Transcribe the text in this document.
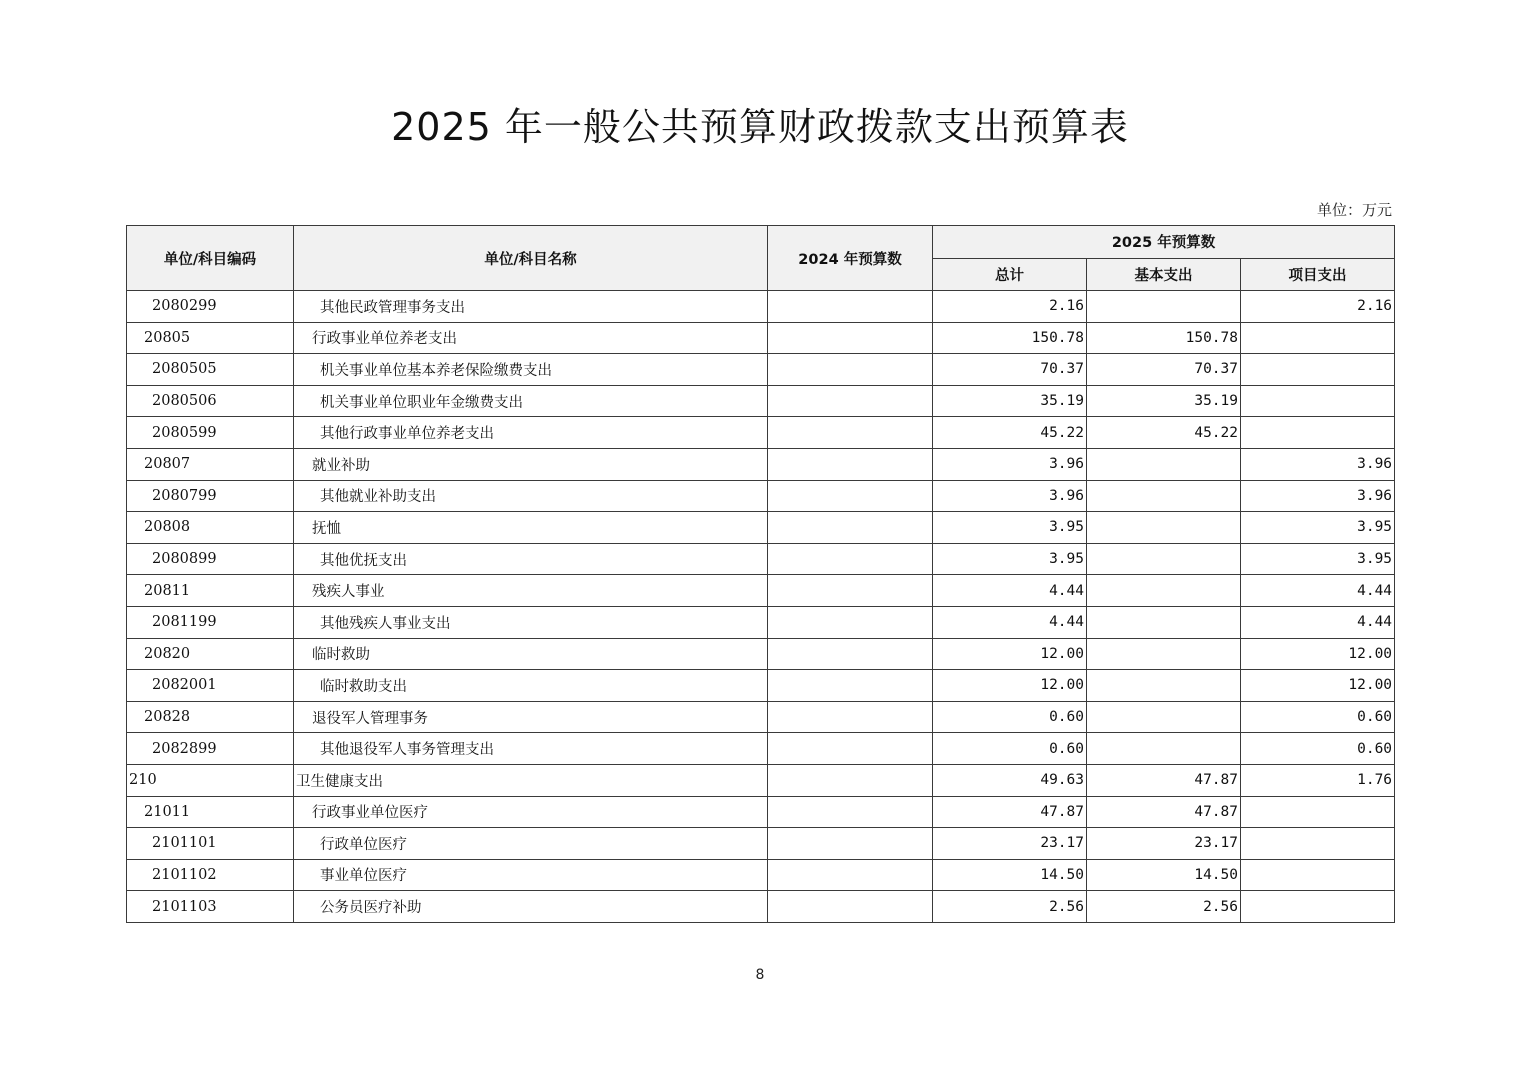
2025 年一般公共预算财政拨款支出预算表
单位：万元
单位/科目编码	单位/科目名称	2024 年预算数	2025 年预算数		
			总计	基本支出	项目支出
2080299	其他民政管理事务支出		2.16		2.16
20805	行政事业单位养老支出		150.78	150.78	
2080505	机关事业单位基本养老保险缴费支出		70.37	70.37	
2080506	机关事业单位职业年金缴费支出		35.19	35.19	
2080599	其他行政事业单位养老支出		45.22	45.22	
20807	就业补助		3.96		3.96
2080799	其他就业补助支出		3.96		3.96
20808	抚恤		3.95		3.95
2080899	其他优抚支出		3.95		3.95
20811	残疾人事业		4.44		4.44
2081199	其他残疾人事业支出		4.44		4.44
20820	临时救助		12.00		12.00
2082001	临时救助支出		12.00		12.00
20828	退役军人管理事务		0.60		0.60
2082899	其他退役军人事务管理支出		0.60		0.60
210	卫生健康支出		49.63	47.87	1.76
21011	行政事业单位医疗		47.87	47.87	
2101101	行政单位医疗		23.17	23.17	
2101102	事业单位医疗		14.50	14.50	
2101103	公务员医疗补助		2.56	2.56	
8
